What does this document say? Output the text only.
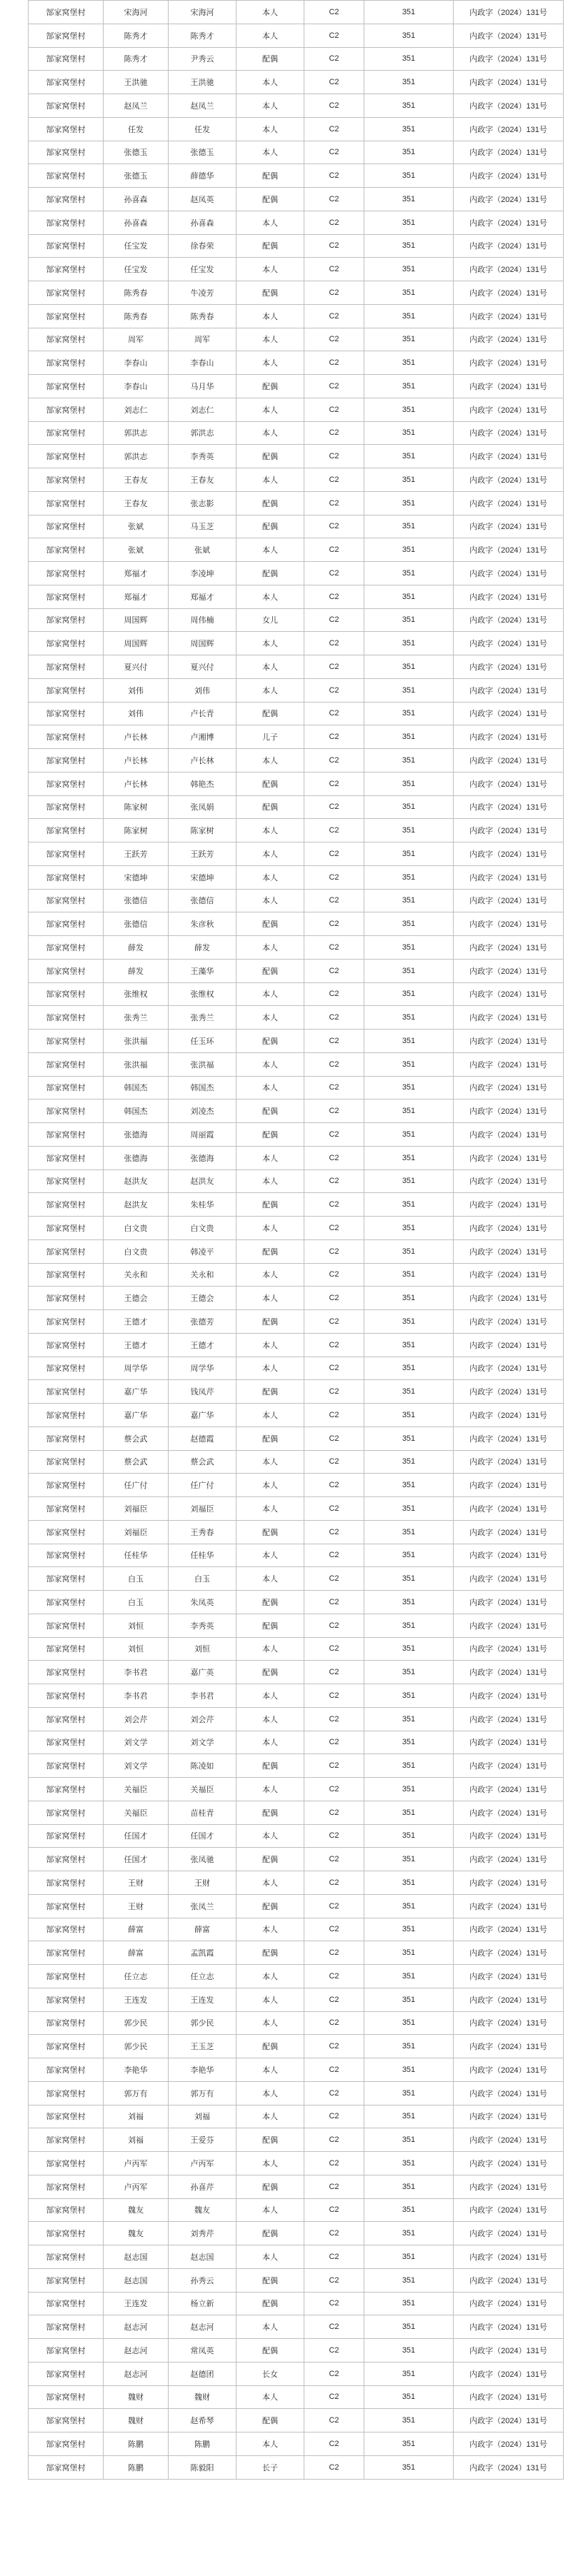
郜家窝堡村	宋海河	宋海河	本人	C2	351	内政字（2024）131号
郜家窝堡村	陈秀才	陈秀才	本人	C2	351	内政字（2024）131号
郜家窝堡村	陈秀才	尹秀云	配偶	C2	351	内政字（2024）131号
郜家窝堡村	王洪驰	王洪驰	本人	C2	351	内政字（2024）131号
郜家窝堡村	赵凤兰	赵凤兰	本人	C2	351	内政字（2024）131号
郜家窝堡村	任发	任发	本人	C2	351	内政字（2024）131号
郜家窝堡村	张德玉	张德玉	本人	C2	351	内政字（2024）131号
郜家窝堡村	张德玉	薛德华	配偶	C2	351	内政字（2024）131号
郜家窝堡村	孙喜森	赵凤英	配偶	C2	351	内政字（2024）131号
郜家窝堡村	孙喜森	孙喜森	本人	C2	351	内政字（2024）131号
郜家窝堡村	任宝发	徐春荣	配偶	C2	351	内政字（2024）131号
郜家窝堡村	任宝发	任宝发	本人	C2	351	内政字（2024）131号
郜家窝堡村	陈秀春	牛凌芳	配偶	C2	351	内政字（2024）131号
郜家窝堡村	陈秀春	陈秀春	本人	C2	351	内政字（2024）131号
郜家窝堡村	周军	周军	本人	C2	351	内政字（2024）131号
郜家窝堡村	李春山	李春山	本人	C2	351	内政字（2024）131号
郜家窝堡村	李春山	马月华	配偶	C2	351	内政字（2024）131号
郜家窝堡村	刘志仁	刘志仁	本人	C2	351	内政字（2024）131号
郜家窝堡村	郭洪志	郭洪志	本人	C2	351	内政字（2024）131号
郜家窝堡村	郭洪志	李秀英	配偶	C2	351	内政字（2024）131号
郜家窝堡村	王春友	王春友	本人	C2	351	内政字（2024）131号
郜家窝堡村	王春友	张志影	配偶	C2	351	内政字（2024）131号
郜家窝堡村	张斌	马玉芝	配偶	C2	351	内政字（2024）131号
郜家窝堡村	张斌	张斌	本人	C2	351	内政字（2024）131号
郜家窝堡村	郑福才	李凌坤	配偶	C2	351	内政字（2024）131号
郜家窝堡村	郑福才	郑福才	本人	C2	351	内政字（2024）131号
郜家窝堡村	周国辉	周伟楠	女儿	C2	351	内政字（2024）131号
郜家窝堡村	周国辉	周国辉	本人	C2	351	内政字（2024）131号
郜家窝堡村	夏兴付	夏兴付	本人	C2	351	内政字（2024）131号
郜家窝堡村	刘伟	刘伟	本人	C2	351	内政字（2024）131号
郜家窝堡村	刘伟	卢长青	配偶	C2	351	内政字（2024）131号
郜家窝堡村	卢长林	卢湘博	儿子	C2	351	内政字（2024）131号
郜家窝堡村	卢长林	卢长林	本人	C2	351	内政字（2024）131号
郜家窝堡村	卢长林	韩艳杰	配偶	C2	351	内政字（2024）131号
郜家窝堡村	陈家树	张凤娟	配偶	C2	351	内政字（2024）131号
郜家窝堡村	陈家树	陈家树	本人	C2	351	内政字（2024）131号
郜家窝堡村	王跃芳	王跃芳	本人	C2	351	内政字（2024）131号
郜家窝堡村	宋德坤	宋德坤	本人	C2	351	内政字（2024）131号
郜家窝堡村	张德信	张德信	本人	C2	351	内政字（2024）131号
郜家窝堡村	张德信	朱彦秋	配偶	C2	351	内政字（2024）131号
郜家窝堡村	薛发	薛发	本人	C2	351	内政字（2024）131号
郜家窝堡村	薛发	王藻华	配偶	C2	351	内政字（2024）131号
郜家窝堡村	张维权	张维权	本人	C2	351	内政字（2024）131号
郜家窝堡村	张秀兰	张秀兰	本人	C2	351	内政字（2024）131号
郜家窝堡村	张洪福	任玉环	配偶	C2	351	内政字（2024）131号
郜家窝堡村	张洪福	张洪福	本人	C2	351	内政字（2024）131号
郜家窝堡村	韩国杰	韩国杰	本人	C2	351	内政字（2024）131号
郜家窝堡村	韩国杰	刘凌杰	配偶	C2	351	内政字（2024）131号
郜家窝堡村	张德海	周丽霞	配偶	C2	351	内政字（2024）131号
郜家窝堡村	张德海	张德海	本人	C2	351	内政字（2024）131号
郜家窝堡村	赵洪友	赵洪友	本人	C2	351	内政字（2024）131号
郜家窝堡村	赵洪友	朱桂华	配偶	C2	351	内政字（2024）131号
郜家窝堡村	白文贵	白文贵	本人	C2	351	内政字（2024）131号
郜家窝堡村	白文贵	韩凌平	配偶	C2	351	内政字（2024）131号
郜家窝堡村	关永和	关永和	本人	C2	351	内政字（2024）131号
郜家窝堡村	王德会	王德会	本人	C2	351	内政字（2024）131号
郜家窝堡村	王德才	张德芳	配偶	C2	351	内政字（2024）131号
郜家窝堡村	王德才	王德才	本人	C2	351	内政字（2024）131号
郜家窝堡村	周学华	周学华	本人	C2	351	内政字（2024）131号
郜家窝堡村	嘉广华	钱凤芹	配偶	C2	351	内政字（2024）131号
郜家窝堡村	嘉广华	嘉广华	本人	C2	351	内政字（2024）131号
郜家窝堡村	蔡会武	赵德霞	配偶	C2	351	内政字（2024）131号
郜家窝堡村	蔡会武	蔡会武	本人	C2	351	内政字（2024）131号
郜家窝堡村	任广付	任广付	本人	C2	351	内政字（2024）131号
郜家窝堡村	刘福臣	刘福臣	本人	C2	351	内政字（2024）131号
郜家窝堡村	刘福臣	王秀春	配偶	C2	351	内政字（2024）131号
郜家窝堡村	任桂华	任桂华	本人	C2	351	内政字（2024）131号
郜家窝堡村	白玉	白玉	本人	C2	351	内政字（2024）131号
郜家窝堡村	白玉	朱凤英	配偶	C2	351	内政字（2024）131号
郜家窝堡村	刘恒	李秀英	配偶	C2	351	内政字（2024）131号
郜家窝堡村	刘恒	刘恒	本人	C2	351	内政字（2024）131号
郜家窝堡村	李书君	嘉广英	配偶	C2	351	内政字（2024）131号
郜家窝堡村	李书君	李书君	本人	C2	351	内政字（2024）131号
郜家窝堡村	刘会芹	刘会芹	本人	C2	351	内政字（2024）131号
郜家窝堡村	刘文学	刘文学	本人	C2	351	内政字（2024）131号
郜家窝堡村	刘文学	陈凌如	配偶	C2	351	内政字（2024）131号
郜家窝堡村	关福臣	关福臣	本人	C2	351	内政字（2024）131号
郜家窝堡村	关福臣	苗桂青	配偶	C2	351	内政字（2024）131号
郜家窝堡村	任国才	任国才	本人	C2	351	内政字（2024）131号
郜家窝堡村	任国才	张凤驰	配偶	C2	351	内政字（2024）131号
郜家窝堡村	王财	王财	本人	C2	351	内政字（2024）131号
郜家窝堡村	王财	张凤兰	配偶	C2	351	内政字（2024）131号
郜家窝堡村	薛富	薛富	本人	C2	351	内政字（2024）131号
郜家窝堡村	薛富	孟凯霞	配偶	C2	351	内政字（2024）131号
郜家窝堡村	任立志	任立志	本人	C2	351	内政字（2024）131号
郜家窝堡村	王连发	王连发	本人	C2	351	内政字（2024）131号
郜家窝堡村	郭少民	郭少民	本人	C2	351	内政字（2024）131号
郜家窝堡村	郭少民	王玉芝	配偶	C2	351	内政字（2024）131号
郜家窝堡村	李艳华	李艳华	本人	C2	351	内政字（2024）131号
郜家窝堡村	郭万有	郭万有	本人	C2	351	内政字（2024）131号
郜家窝堡村	刘福	刘福	本人	C2	351	内政字（2024）131号
郜家窝堡村	刘福	王爱芬	配偶	C2	351	内政字（2024）131号
郜家窝堡村	卢丙军	卢丙军	本人	C2	351	内政字（2024）131号
郜家窝堡村	卢丙军	孙喜芹	配偶	C2	351	内政字（2024）131号
郜家窝堡村	魏友	魏友	本人	C2	351	内政字（2024）131号
郜家窝堡村	魏友	刘秀芹	配偶	C2	351	内政字（2024）131号
郜家窝堡村	赵志国	赵志国	本人	C2	351	内政字（2024）131号
郜家窝堡村	赵志国	孙秀云	配偶	C2	351	内政字（2024）131号
郜家窝堡村	王连发	杨立新	配偶	C2	351	内政字（2024）131号
郜家窝堡村	赵志河	赵志河	本人	C2	351	内政字（2024）131号
郜家窝堡村	赵志河	常凤英	配偶	C2	351	内政字（2024）131号
郜家窝堡村	赵志河	赵德团	长女	C2	351	内政字（2024）131号
郜家窝堡村	魏财	魏财	本人	C2	351	内政字（2024）131号
郜家窝堡村	魏财	赵希琴	配偶	C2	351	内政字（2024）131号
郜家窝堡村	陈鹏	陈鹏	本人	C2	351	内政字（2024）131号
郜家窝堡村	陈鹏	陈毅阳	长子	C2	351	内政字（2024）131号
